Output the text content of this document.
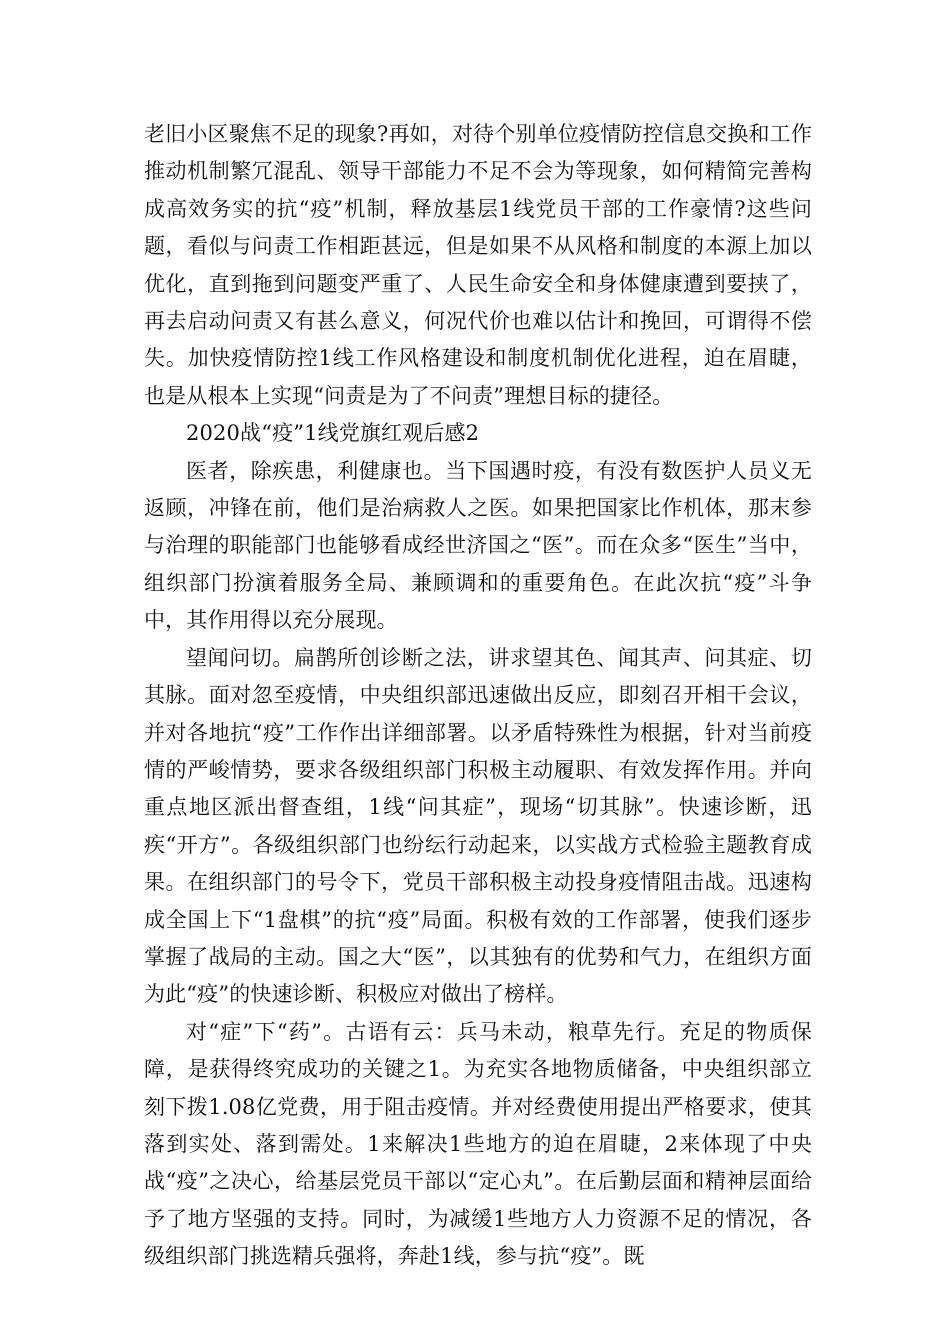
老旧小区聚焦不足的现象?再如，对待个别单位疫情防控信息交换和工作推动机制繁冗混乱、领导干部能力不足不会为等现象，如何精简完善构成高效务实的抗“疫”机制，释放基层1线党员干部的工作豪情?这些问题，看似与问责工作相距甚远，但是如果不从风格和制度的本源上加以优化，直到拖到问题变严重了、人民生命安全和身体健康遭到要挟了，再去启动问责又有甚么意义，何况代价也难以估计和挽回，可谓得不偿失。加快疫情防控1线工作风格建设和制度机制优化进程，迫在眉睫，也是从根本上实现“问责是为了不问责”理想目标的捷径。

2020战“疫”1线党旗红观后感2

医者，除疾患，利健康也。当下国遇时疫，有没有数医护人员义无返顾，冲锋在前，他们是治病救人之医。如果把国家比作机体，那末参与治理的职能部门也能够看成经世济国之“医”。而在众多“医生”当中，组织部门扮演着服务全局、兼顾调和的重要角色。在此次抗“疫”斗争中，其作用得以充分展现。

望闻问切。扁鹊所创诊断之法，讲求望其色、闻其声、问其症、切其脉。面对忽至疫情，中央组织部迅速做出反应，即刻召开相干会议，并对各地抗“疫”工作作出详细部署。以矛盾特殊性为根据，针对当前疫情的严峻情势，要求各级组织部门积极主动履职、有效发挥作用。并向重点地区派出督查组，1线“问其症”，现场“切其脉”。快速诊断，迅疾“开方”。各级组织部门也纷纭行动起来，以实战方式检验主题教育成果。在组织部门的号令下，党员干部积极主动投身疫情阻击战。迅速构成全国上下“1盘棋”的抗“疫”局面。积极有效的工作部署，使我们逐步掌握了战局的主动。国之大“医”，以其独有的优势和气力，在组织方面为此“疫”的快速诊断、积极应对做出了榜样。

对“症”下“药”。古语有云：兵马未动，粮草先行。充足的物质保障，是获得终究成功的关键之1。为充实各地物质储备，中央组织部立刻下拨1.08亿党费，用于阻击疫情。并对经费使用提出严格要求，使其落到实处、落到需处。1来解决1些地方的迫在眉睫，2来体现了中央战“疫”之决心，给基层党员干部以“定心丸”。在后勤层面和精神层面给予了地方坚强的支持。同时，为减缓1些地方人力资源不足的情况，各级组织部门挑选精兵强将，奔赴1线，参与抗“疫”。既
